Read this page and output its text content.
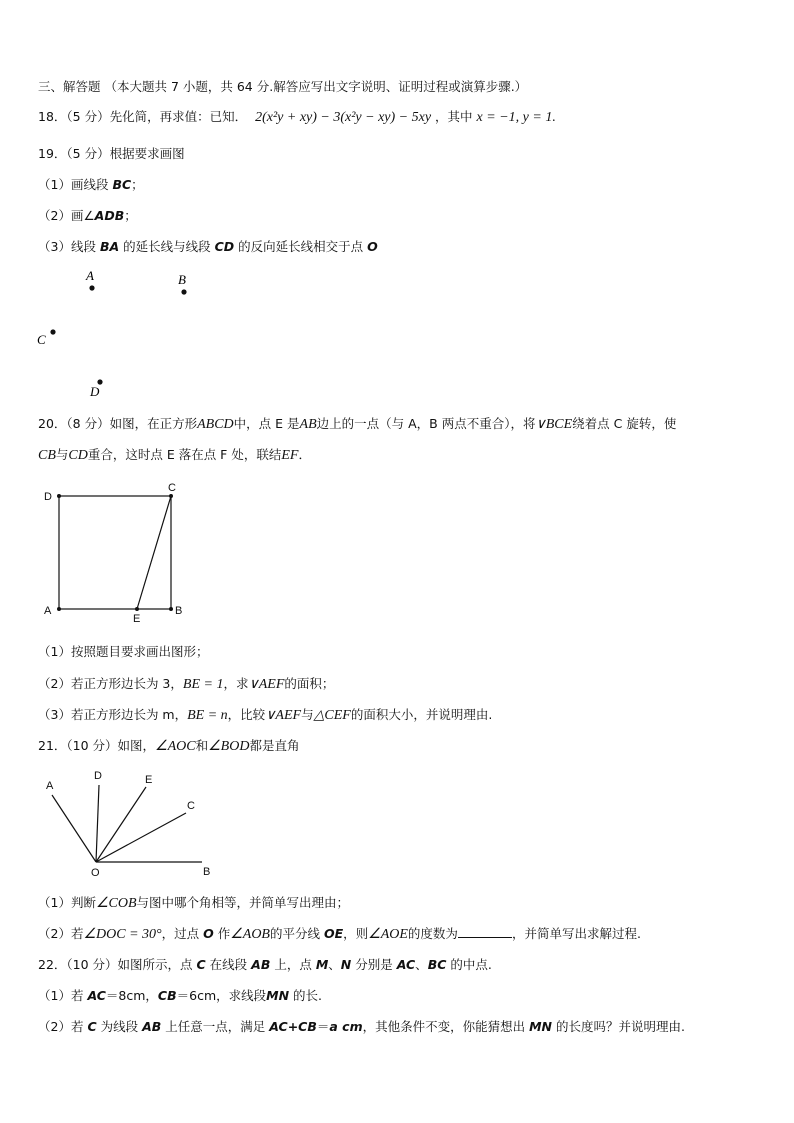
三、解答题 （本大题共 7 小题，共 64 分.解答应写出文字说明、证明过程或演算步骤.）
18．（5 分）先化简，再求值：已知． 2(x²y + xy) − 3(x²y − xy) − 5xy ，其中 x = −1, y = 1.
19．（5 分）根据要求画图
（1）画线段 BC；
（2）画∠ADB；
（3）线段 BA 的延长线与线段 CD 的反向延长线相交于点 O
A	B
C
D
20．（8 分）如图，在正方形ABCD中，点 E 是AB边上的一点（与 A，B 两点不重合），将∨BCE绕着点 C 旋转，使
CB与CD重合，这时点 E 落在点 F 处，联结EF．
D
C
A
E
B
（1）按照题目要求画出图形；
（2）若正方形边长为 3，BE = 1，求∨AEF的面积；
（3）若正方形边长为 m，BE = n，比较∨AEF与△CEF的面积大小，并说明理由.
21．（10 分）如图，∠AOC和∠BOD都是直角
A
D	E
C
O	B
（1）判断∠COB与图中哪个角相等，并简单写出理由；
（2）若∠DOC = 30°，过点 O 作∠AOB的平分线 OE，则∠AOE的度数为	，并简单写出求解过程.
22．（10 分）如图所示，点 C 在线段 AB 上，点 M、N 分别是 AC、BC 的中点.
（1）若 AC＝8cm，CB＝6cm，求线段MN 的长.
（2）若 C 为线段 AB 上任意一点，满足 AC+CB＝a cm，其他条件不变，你能猜想出 MN 的长度吗？并说明理由.
